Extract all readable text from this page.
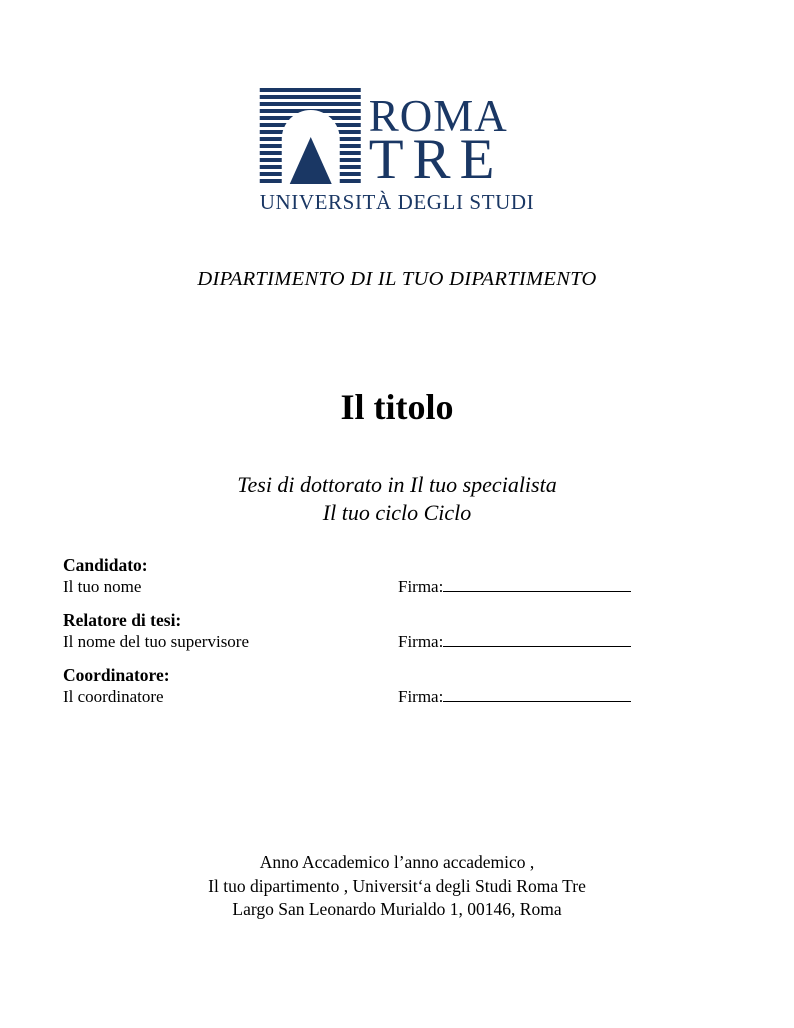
ROMA
TRE
UNIVERSITÀ DEGLI STUDI
DIPARTIMENTO DI IL TUO DIPARTIMENTO
Il titolo
Tesi di dottorato in Il tuo specialista
Il tuo ciclo Ciclo
Candidato:
Il tuo nome	Firma:
Relatore di tesi:
Il nome del tuo supervisore	Firma:
Coordinatore:
Il coordinatore	Firma:
Anno Accademico l’anno accademico ,
Il tuo dipartimento , Universit‘a degli Studi Roma Tre
Largo San Leonardo Murialdo 1, 00146, Roma
